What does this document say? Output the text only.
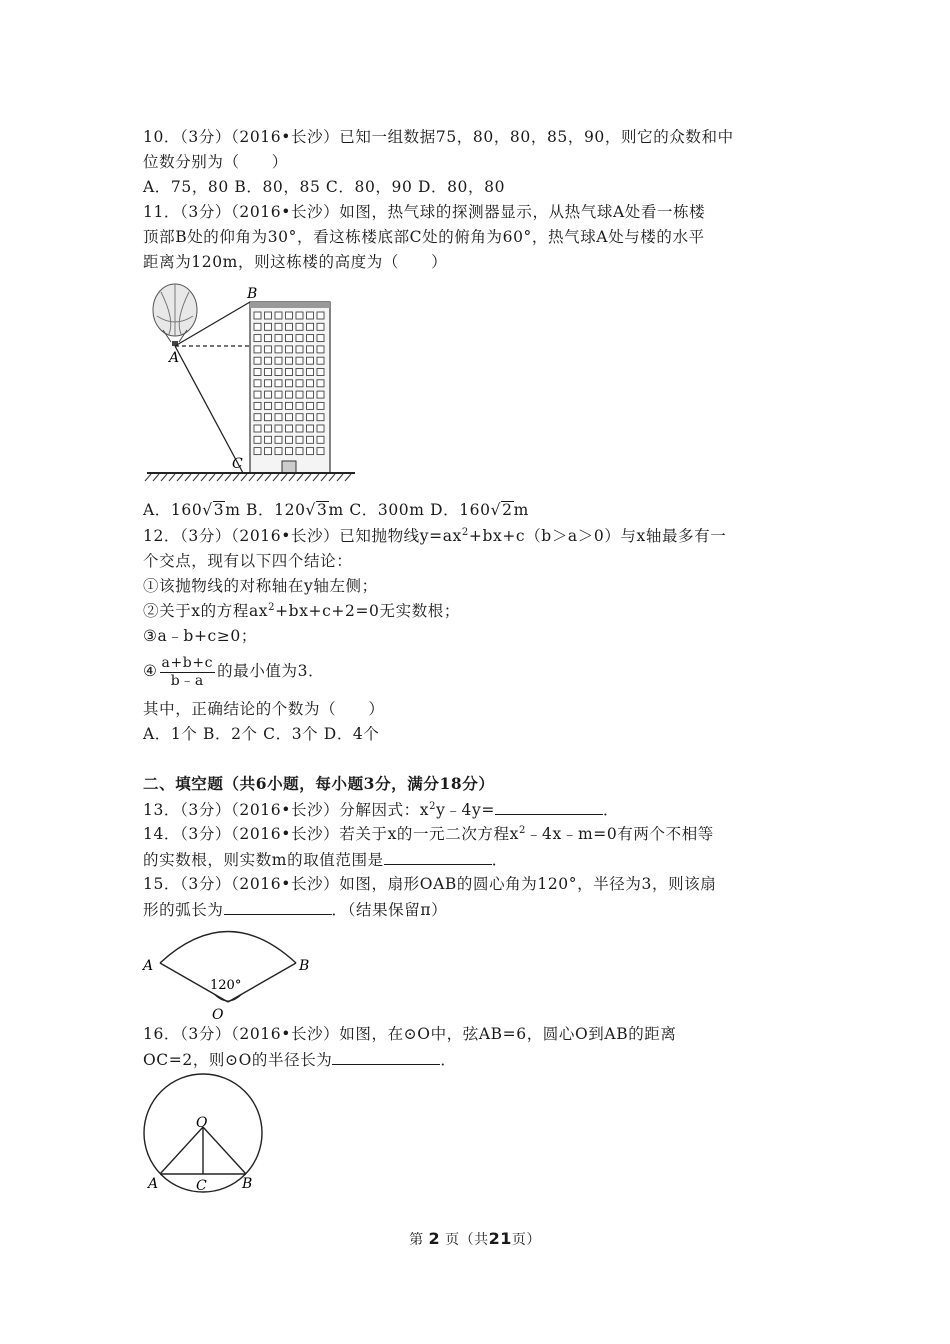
10．（3分）（2016•长沙）已知一组数据75，80，80，85，90，则它的众数和中
位数分别为（　　）
A．75，80 B．80，85 C．80，90 D．80，80
11．（3分）（2016•长沙）如图，热气球的探测器显示，从热气球A处看一栋楼
顶部B处的仰角为30°，看这栋楼底部C处的俯角为60°，热气球A处与楼的水平
距离为120m，则这栋楼的高度为（　　）
A
B
C
A．160√3m B．120√3m C．300m D．160√2m
12．（3分）（2016•长沙）已知抛物线$y=ax^2+bx+c(b>a>0)$与x轴最多有一
个交点，现有以下四个结论：
①该抛物线的对称轴在y轴左侧；
②关于x的方程$ax^2+bx+c+2=0$无实数根；
③a﹣b+c≥0；
④ $\frac{a+b+c}{b﹣a}$ 的最小值为3．
其中，正确结论的个数为（　　）
A．1个 B．2个 C．3个 D．4个
二、填空题（共6小题，每小题3分，满分18分）
13．（3分）（2016•长沙）分解因式：$x^2y﹣4y=$	．
14．（3分）（2016•长沙）若关于x的一元二次方程$x^2﹣4x﹣m=0$有两个不相等
的实数根，则实数m的取值范围是	．
15．（3分）（2016•长沙）如图，扇形OAB的圆心角为120°，半径为3，则该扇
形的弧长为	．（结果保留π）
A	B
120°
O
16．（3分）（2016•长沙）如图，在⊙O中，弦AB=6，圆心O到AB的距离
OC=2，则⊙O的半径长为	．
O
A	C	B
第 2 页（共21页）
